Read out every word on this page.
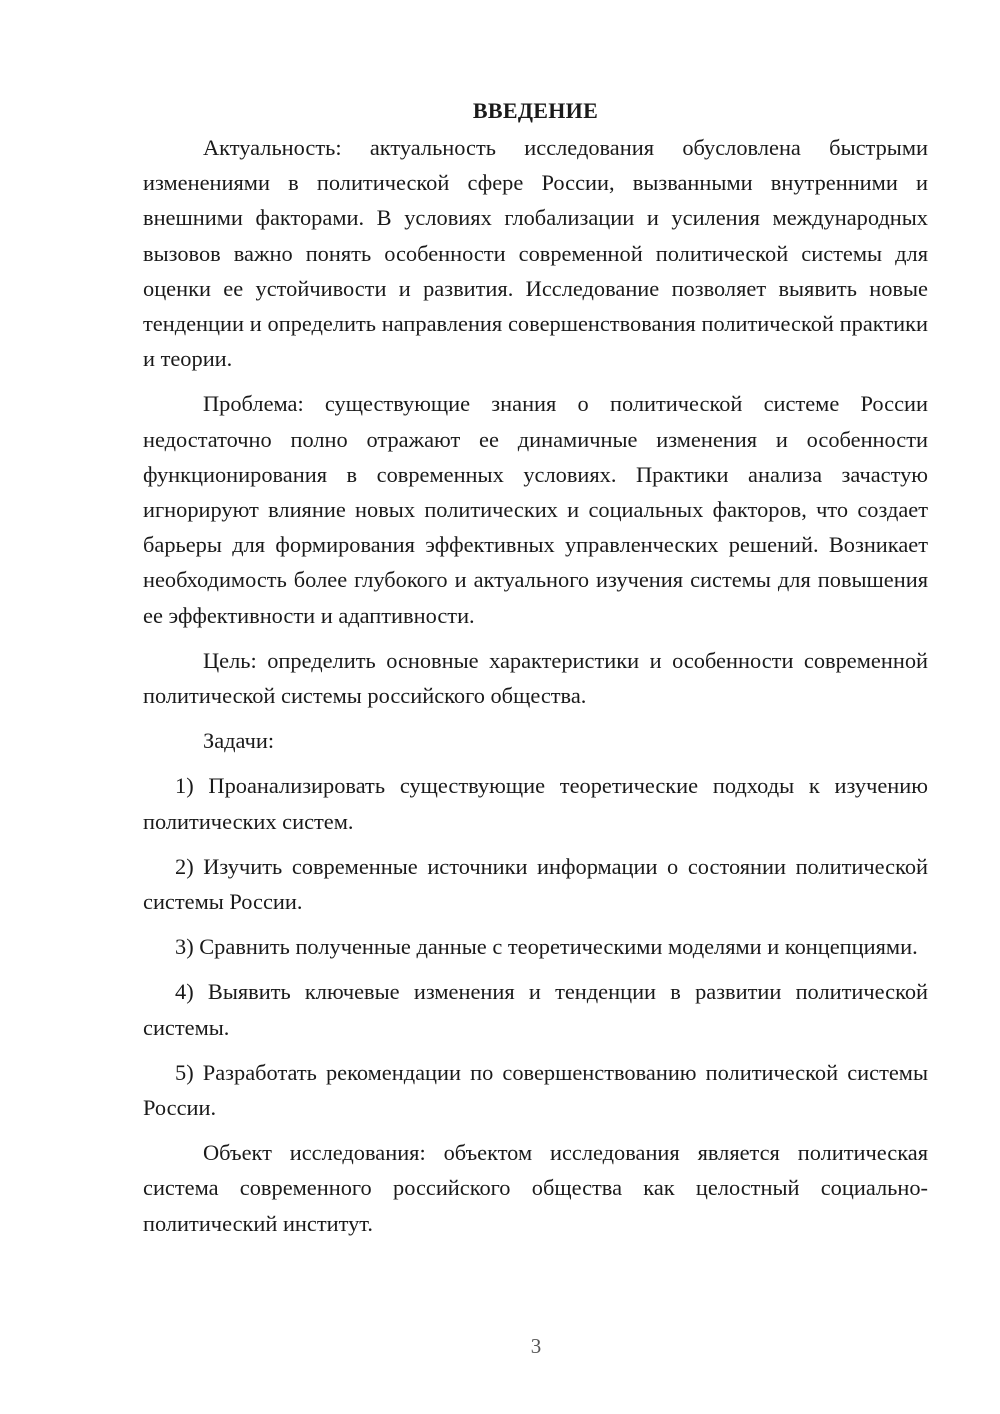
ВВЕДЕНИЕ

Актуальность: актуальность исследования обусловлена быстрыми изменениями в политической сфере России, вызванными внутренними и внешними факторами. В условиях глобализации и усиления международных вызовов важно понять особенности современной политической системы для оценки ее устойчивости и развития. Исследование позволяет выявить новые тенденции и определить направления совершенствования политической практики и теории.

Проблема: существующие знания о политической системе России недостаточно полно отражают ее динамичные изменения и особенности функционирования в современных условиях. Практики анализа зачастую игнорируют влияние новых политических и социальных факторов, что создает барьеры для формирования эффективных управленческих решений. Возникает необходимость более глубокого и актуального изучения системы для повышения ее эффективности и адаптивности.

Цель: определить основные характеристики и особенности современной политической системы российского общества.

Задачи:

1) Проанализировать существующие теоретические подходы к изучению политических систем.

2) Изучить современные источники информации о состоянии политической системы России.

3) Сравнить полученные данные с теоретическими моделями и концепциями.

4) Выявить ключевые изменения и тенденции в развитии политической системы.

5) Разработать рекомендации по совершенствованию политической системы России.

Объект исследования: объектом исследования является политическая система современного российского общества как целостный социально-политический институт.

3
